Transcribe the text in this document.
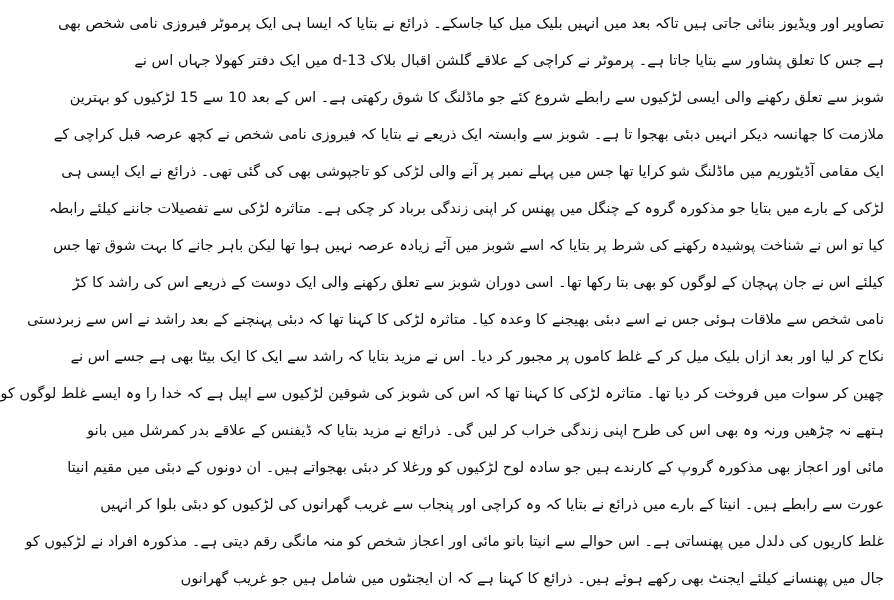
تصاویر اور ویڈیوز بنائی جاتی ہیں تاکہ بعد میں انہیں بلیک میل کیا جاسکے۔ ذرائع نے بتایا کہ ایسا ہی ایک پرموٹر فیروزی نامی شخص بھی
ہے جس کا تعلق پشاور سے بتایا جاتا ہے۔ پرموٹر نے کراچی کے علاقے گلشن اقبال بلاک 13-d میں ایک دفتر کھولا جہاں اس نے
شوبز سے تعلق رکھنے والی ایسی لڑکیوں سے رابطے شروع کئے جو ماڈلنگ کا شوق رکھتی ہے۔ اس کے بعد 10 سے 15 لڑکیوں کو بہترین
ملازمت کا جھانسہ دیکر انہیں دبئی بھجوا تا ہے۔ شوبز سے وابستہ ایک ذریعے نے بتایا کہ فیروزی نامی شخص نے کچھ عرصہ قبل کراچی کے
ایک مقامی آڈیٹوریم میں ماڈلنگ شو کرایا تھا جس میں پہلے نمبر پر آنے والی لڑکی کو تاجپوشی بھی کی گئی تھی۔ ذرائع نے ایک ایسی ہی
لڑکی کے بارے میں بتایا جو مذکورہ گروہ کے چنگل میں پھنس کر اپنی زندگی برباد کر چکی ہے۔ متاثرہ لڑکی سے تفصیلات جاننے کیلئے رابطہ
کیا تو اس نے شناخت پوشیدہ رکھنے کی شرط پر بتایا کہ اسے شوبز میں آئے زیادہ عرصہ نہیں ہوا تھا لیکن باہر جانے کا بہت شوق تھا جس
کیلئے اس نے جان پہچان کے لوگوں کو بھی بتا رکھا تھا۔ اسی دوران شوبز سے تعلق رکھنے والی ایک دوست کے ذریعے اس کی راشد کا کڑ
نامی شخص سے ملاقات ہوئی جس نے اسے دبئی بھیجنے کا وعدہ کیا۔ متاثرہ لڑکی کا کہنا تھا کہ دبئی پہنچنے کے بعد راشد نے اس سے زبردستی
نکاح کر لیا اور بعد ازاں بلیک میل کر کے غلط کاموں پر مجبور کر دیا۔ اس نے مزید بتایا کہ راشد سے ایک کا ایک بیٹا بھی ہے جسے اس نے
چھین کر سوات میں فروخت کر دیا تھا۔ متاثرہ لڑکی کا کہنا تھا کہ اس کی شوبز کی شوقین لڑکیوں سے اپیل ہے کہ خدا را وہ ایسے غلط لوگوں کو
ہتھے نہ چڑھیں ورنہ وہ بھی اس کی طرح اپنی زندگی خراب کر لیں گی۔ ذرائع نے مزید بتایا کہ ڈیفنس کے علاقے بدر کمرشل میں بانو
مائی اور اعجاز بھی مذکورہ گروپ کے کارندے ہیں جو سادہ لوح لڑکیوں کو ورغلا کر دبئی بھجواتے ہیں۔ ان دونوں کے دبئی میں مقیم انیتا
عورت سے رابطے ہیں۔ انیتا کے بارے میں ذرائع نے بتایا کہ وہ کراچی اور پنجاب سے غریب گھرانوں کی لڑکیوں کو دبئی بلوا کر انہیں
غلط کاریوں کی دلدل میں پھنساتی ہے۔ اس حوالے سے انیتا بانو مائی اور اعجاز شخص کو منہ مانگی رقم دیتی ہے۔ مذکورہ افراد نے لڑکیوں کو
جال میں پھنسانے کیلئے ایجنٹ بھی رکھے ہوئے ہیں۔ ذرائع کا کہنا ہے کہ ان ایجنٹوں میں شامل ہیں جو غریب گھرانوں
